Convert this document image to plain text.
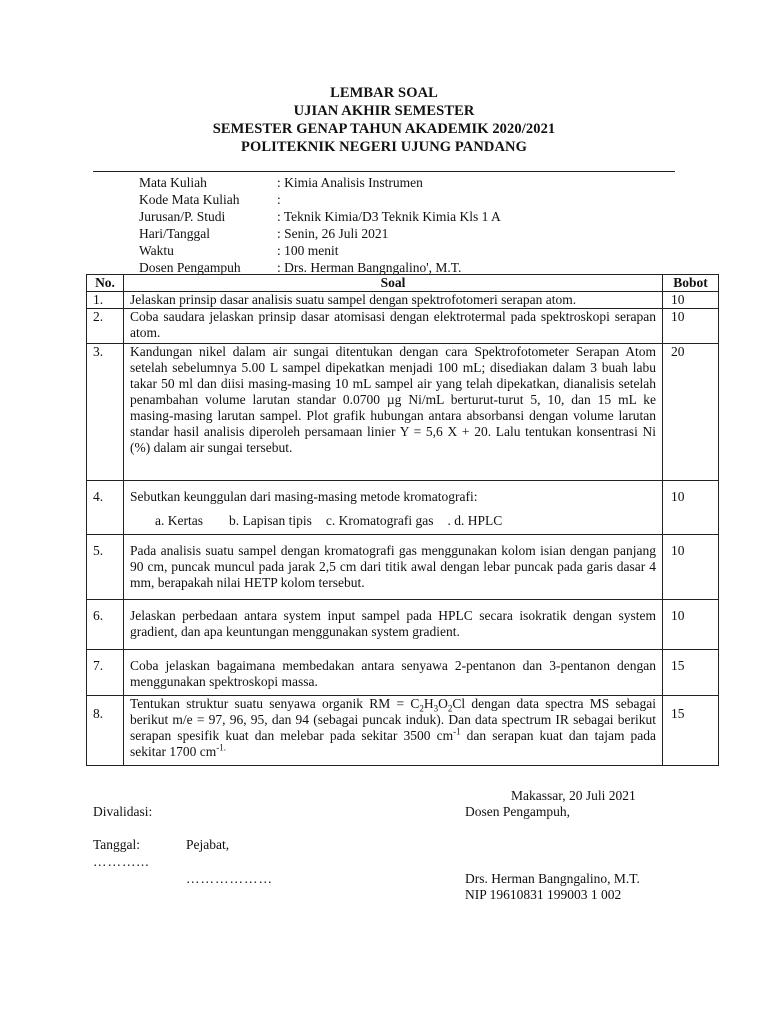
LEMBAR SOAL
UJIAN AKHIR SEMESTER
SEMESTER GENAP TAHUN AKADEMIK 2020/2021
POLITEKNIK NEGERI UJUNG PANDANG
Mata Kuliah	: Kimia Analisis Instrumen
Kode Mata Kuliah	:
Jurusan/P. Studi	: Teknik Kimia/D3 Teknik Kimia Kls 1 A
Hari/Tanggal	: Senin, 26 Juli 2021
Waktu	: 100 menit
Dosen Pengampuh	: Drs. Herman Bangngalino', M.T.
No.	Soal	Bobot
1.	Jelaskan prinsip dasar analisis suatu sampel dengan spektrofotomeri serapan atom.	10
2.	Coba saudara jelaskan prinsip dasar atomisasi dengan elektrotermal pada spektroskopi serapan atom.	10
3.	Kandungan nikel dalam air sungai ditentukan dengan cara Spektrofotometer Serapan Atom setelah sebelumnya 5.00 L sampel dipekatkan menjadi 100 mL; disediakan dalam 3 buah labu takar 50 ml dan diisi masing-masing 10 mL sampel air yang telah dipekatkan, dianalisis setelah penambahan volume larutan standar 0.0700 µg Ni/mL berturut-turut 5, 10, dan 15 mL ke masing-masing larutan sampel. Plot grafik hubungan antara absorbansi dengan volume larutan standar hasil analisis diperoleh persamaan linier Y = 5,6 X + 20. Lalu tentukan konsentrasi Ni (%) dalam air sungai tersebut.	20
4.	Sebutkan keunggulan dari masing-masing metode kromatografi:
a. Kertas b. Lapisan tipis c. Kromatografi gas . d. HPLC	10
5.	Pada analisis suatu sampel dengan kromatografi gas menggunakan kolom isian dengan panjang 90 cm, puncak muncul pada jarak 2,5 cm dari titik awal dengan lebar puncak pada garis dasar 4 mm, berapakah nilai HETP kolom tersebut.	10
6.	Jelaskan perbedaan antara system input sampel pada HPLC secara isokratik dengan system gradient, dan apa keuntungan menggunakan system gradient.	10
7.	Coba jelaskan bagaimana membedakan antara senyawa 2-pentanon dan 3-pentanon dengan menggunakan spektroskopi massa.	15
8.	Tentukan struktur suatu senyawa organik RM = $C_2H_3O_2Cl$ dengan data spectra MS sebagai berikut m/e = 97, 96, 95, dan 94 (sebagai puncak induk). Dan data spectrum IR sebagai berikut serapan spesifik kuat dan melebar pada sekitar 3500 $cm^{-1}$ dan serapan kuat dan tajam pada sekitar 1700 $cm^{-1.}$	15
Makassar, 20 Juli 2021
Divalidasi:	Dosen Pengampuh,
Tanggal:
………...
Pejabat,
………………	Drs. Herman Bangngalino, M.T.
NIP 19610831 199003 1 002
